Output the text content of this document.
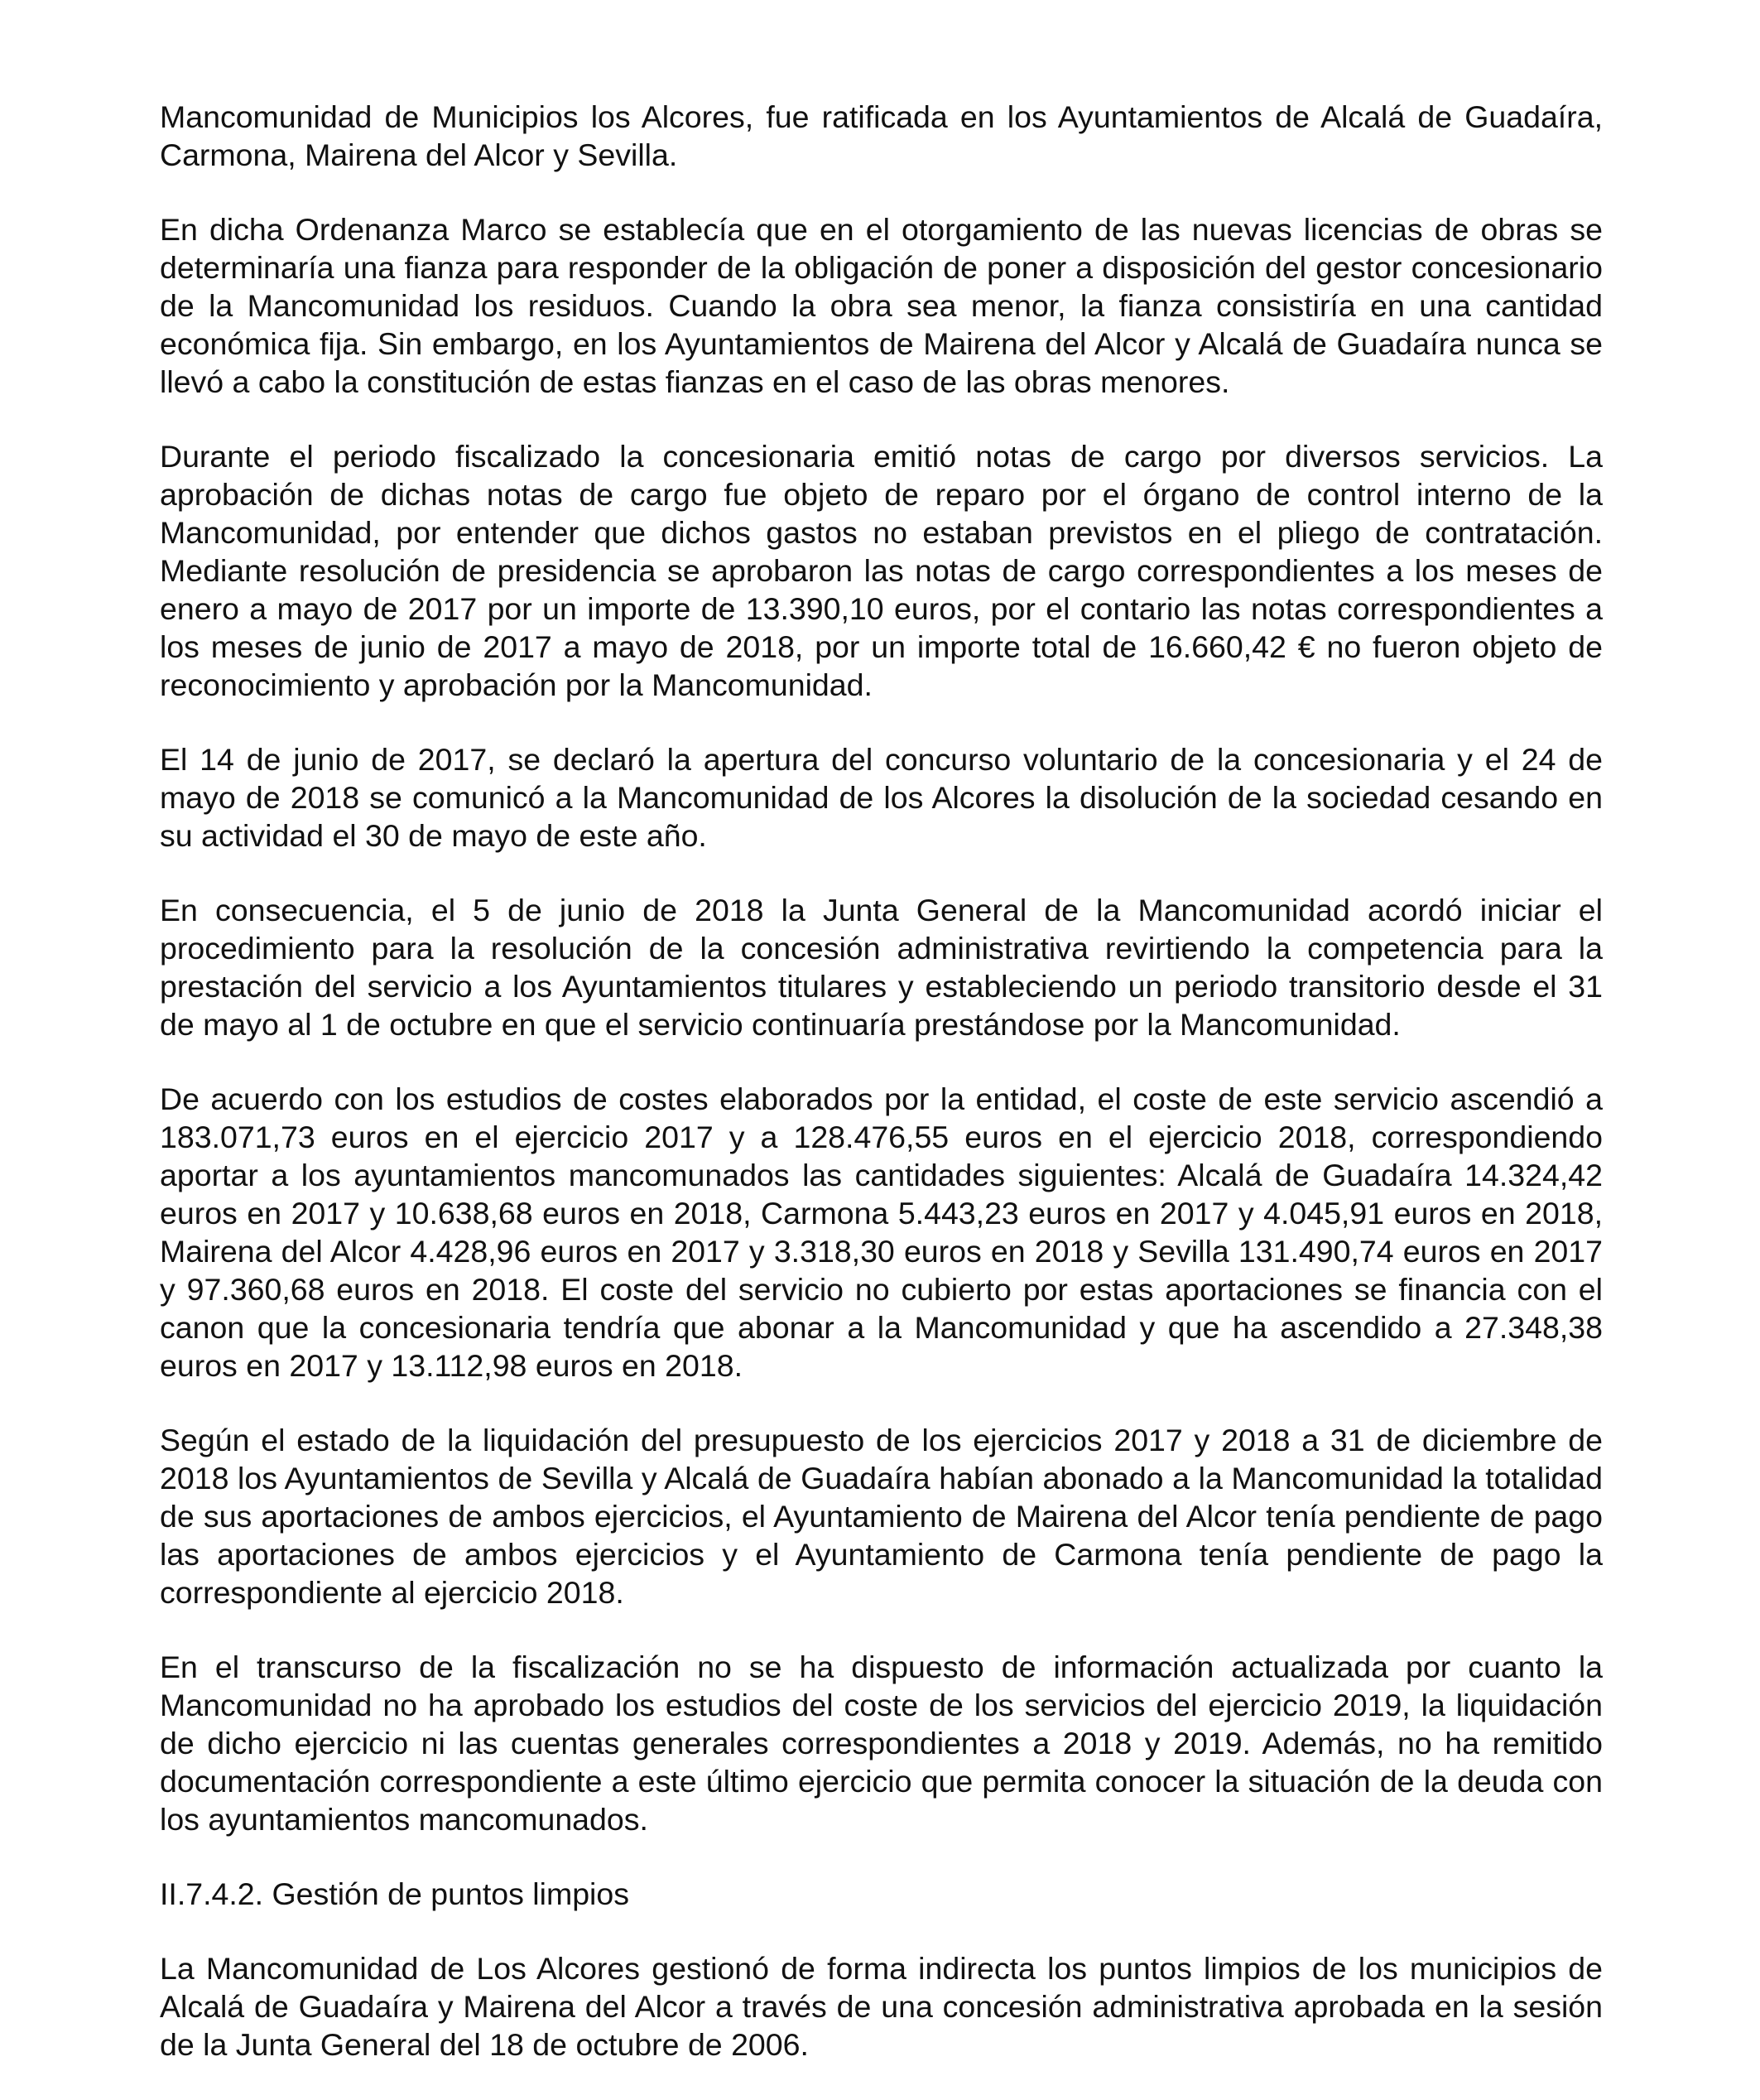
Mancomunidad de Municipios los Alcores, fue ratificada en los Ayuntamientos de Alcalá de Guadaíra, Carmona, Mairena del Alcor y Sevilla.

En dicha Ordenanza Marco se establecía que en el otorgamiento de las nuevas licencias de obras se determinaría una fianza para responder de la obligación de poner a disposición del gestor concesionario de la Mancomunidad los residuos. Cuando la obra sea menor, la fianza consistiría en una cantidad económica fija. Sin embargo, en los Ayuntamientos de Mairena del Alcor y Alcalá de Guadaíra nunca se llevó a cabo la constitución de estas fianzas en el caso de las obras menores.

Durante el periodo fiscalizado la concesionaria emitió notas de cargo por diversos servicios. La aprobación de dichas notas de cargo fue objeto de reparo por el órgano de control interno de la Mancomunidad, por entender que dichos gastos no estaban previstos en el pliego de contratación. Mediante resolución de presidencia se aprobaron las notas de cargo correspondientes a los meses de enero a mayo de 2017 por un importe de 13.390,10 euros, por el contario las notas correspondientes a los meses de junio de 2017 a mayo de 2018, por un importe total de 16.660,42 € no fueron objeto de reconocimiento y aprobación por la Mancomunidad.

El 14 de junio de 2017, se declaró la apertura del concurso voluntario de la concesionaria y el 24 de mayo de 2018 se comunicó a la Mancomunidad de los Alcores la disolución de la sociedad cesando en su actividad el 30 de mayo de este año.

En consecuencia, el 5 de junio de 2018 la Junta General de la Mancomunidad acordó iniciar el procedimiento para la resolución de la concesión administrativa revirtiendo la competencia para la prestación del servicio a los Ayuntamientos titulares y estableciendo un periodo transitorio desde el 31 de mayo al 1 de octubre en que el servicio continuaría prestándose por la Mancomunidad.

De acuerdo con los estudios de costes elaborados por la entidad, el coste de este servicio ascendió a 183.071,73 euros en el ejercicio 2017 y a 128.476,55 euros en el ejercicio 2018, correspondiendo aportar a los ayuntamientos mancomunados las cantidades siguientes: Alcalá de Guadaíra 14.324,42 euros en 2017 y 10.638,68 euros en 2018, Carmona 5.443,23 euros en 2017 y 4.045,91 euros en 2018, Mairena del Alcor 4.428,96 euros en 2017 y 3.318,30 euros en 2018 y Sevilla 131.490,74 euros en 2017 y 97.360,68 euros en 2018. El coste del servicio no cubierto por estas aportaciones se financia con el canon que la concesionaria tendría que abonar a la Mancomunidad y que ha ascendido a 27.348,38 euros en 2017 y 13.112,98 euros en 2018.

Según el estado de la liquidación del presupuesto de los ejercicios 2017 y 2018 a 31 de diciembre de 2018 los Ayuntamientos de Sevilla y Alcalá de Guadaíra habían abonado a la Mancomunidad la totalidad de sus aportaciones de ambos ejercicios, el Ayuntamiento de Mairena del Alcor tenía pendiente de pago las aportaciones de ambos ejercicios y el Ayuntamiento de Carmona tenía pendiente de pago la correspondiente al ejercicio 2018.

En el transcurso de la fiscalización no se ha dispuesto de información actualizada por cuanto la Mancomunidad no ha aprobado los estudios del coste de los servicios del ejercicio 2019, la liquidación de dicho ejercicio ni las cuentas generales correspondientes a 2018 y 2019. Además, no ha remitido documentación correspondiente a este último ejercicio que permita conocer la situación de la deuda con los ayuntamientos mancomunados.

II.7.4.2. Gestión de puntos limpios

La Mancomunidad de Los Alcores gestionó de forma indirecta los puntos limpios de los municipios de Alcalá de Guadaíra y Mairena del Alcor a través de una concesión administrativa aprobada en la sesión de la Junta General del 18 de octubre de 2006.
